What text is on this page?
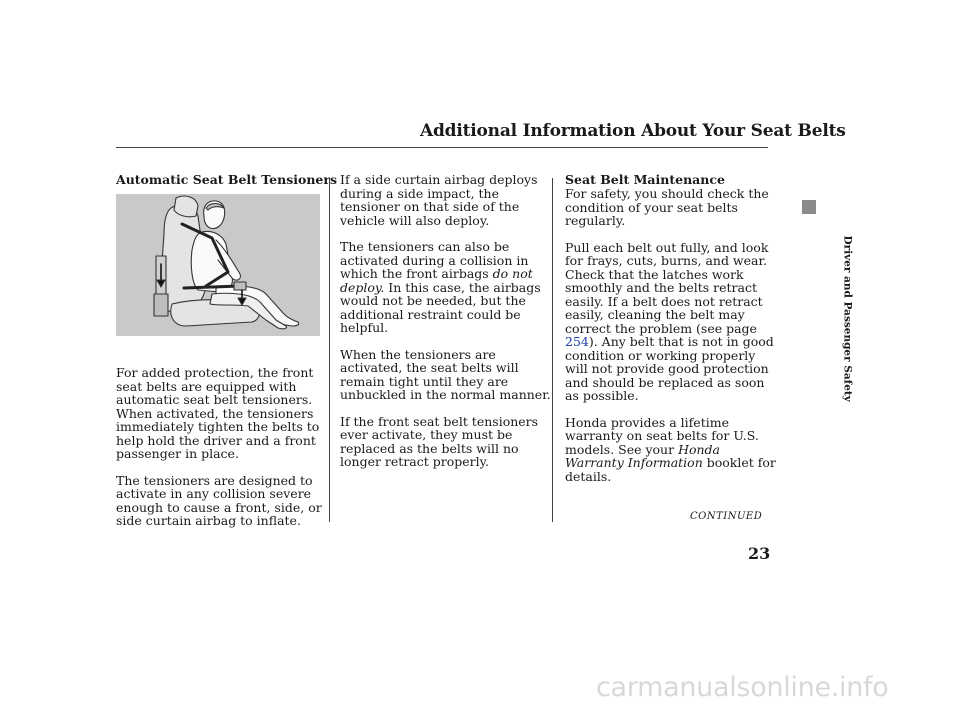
Additional Information About Your Seat Belts
Automatic Seat Belt Tensioners

For added protection, the front seat belts are equipped with automatic seat belt tensioners. When activated, the tensioners immediately tighten the belts to help hold the driver and a front passenger in place.

The tensioners are designed to activate in any collision severe enough to cause a front, side, or side curtain airbag to inflate.

If a side curtain airbag deploys during a side impact, the tensioner on that side of the vehicle will also deploy.

The tensioners can also be activated during a collision in which the front airbags do not deploy. In this case, the airbags would not be needed, but the additional restraint could be helpful.

When the tensioners are activated, the seat belts will remain tight until they are unbuckled in the normal manner.

If the front seat belt tensioners ever activate, they must be replaced as the belts will no longer retract properly.

Seat Belt Maintenance

For safety, you should check the condition of your seat belts regularly.

Pull each belt out fully, and look for frays, cuts, burns, and wear. Check that the latches work smoothly and the belts retract easily. If a belt does not retract easily, cleaning the belt may correct the problem (see page 254). Any belt that is not in good condition or working properly will not provide good protection and should be replaced as soon as possible.

Honda provides a lifetime warranty on seat belts for U.S. models. See your Honda Warranty Information booklet for details.

CONTINUED
23
Driver and Passenger Safety
carmanualsonline.info
